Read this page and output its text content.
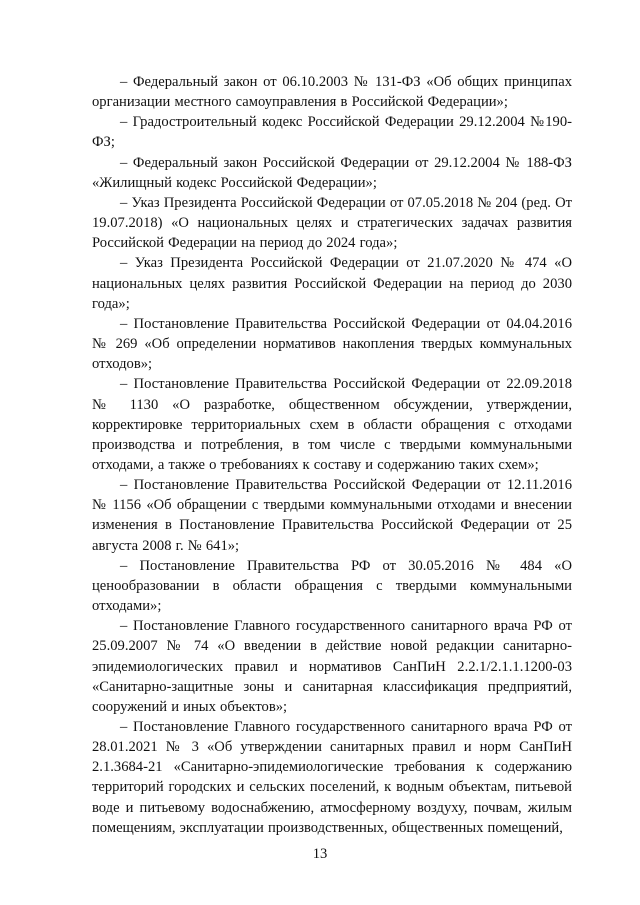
– Федеральный закон от 06.10.2003 № 131-ФЗ «Об общих принципах организации местного самоуправления в Российской Федерации»;

– Градостроительный кодекс Российской Федерации 29.12.2004 №190-ФЗ;

– Федеральный закон Российской Федерации от 29.12.2004 № 188-ФЗ «Жилищный кодекс Российской Федерации»;

– Указ Президента Российской Федерации от 07.05.2018 № 204 (ред. От 19.07.2018) «О национальных целях и стратегических задачах развития Российской Федерации на период до 2024 года»;

– Указ Президента Российской Федерации от 21.07.2020 № 474 «О национальных целях развития Российской Федерации на период до 2030 года»;

– Постановление Правительства Российской Федерации от 04.04.2016 № 269 «Об определении нормативов накопления твердых коммунальных отходов»;

– Постановление Правительства Российской Федерации от 22.09.2018 № 1130 «О разработке, общественном обсуждении, утверждении, корректировке территориальных схем в области обращения с отходами производства и потребления, в том числе с твердыми коммунальными отходами, а также о требованиях к составу и содержанию таких схем»;

– Постановление Правительства Российской Федерации от 12.11.2016 № 1156 «Об обращении с твердыми коммунальными отходами и внесении изменения в Постановление Правительства Российской Федерации от 25 августа 2008 г. № 641»;

– Постановление Правительства РФ от 30.05.2016 № 484 «О ценообразовании в области обращения с твердыми коммунальными отходами»;

– Постановление Главного государственного санитарного врача РФ от 25.09.2007 № 74 «О введении в действие новой редакции санитарно-эпидемиологических правил и нормативов СанПиН 2.2.1/2.1.1.1200-03 «Санитарно-защитные зоны и санитарная классификация предприятий, сооружений и иных объектов»;

– Постановление Главного государственного санитарного врача РФ от 28.01.2021 № 3 «Об утверждении санитарных правил и норм СанПиН 2.1.3684-21 «Санитарно-эпидемиологические требования к содержанию территорий городских и сельских поселений, к водным объектам, питьевой воде и питьевому водоснабжению, атмосферному воздуху, почвам, жилым помещениям, эксплуатации производственных, общественных помещений,

13
